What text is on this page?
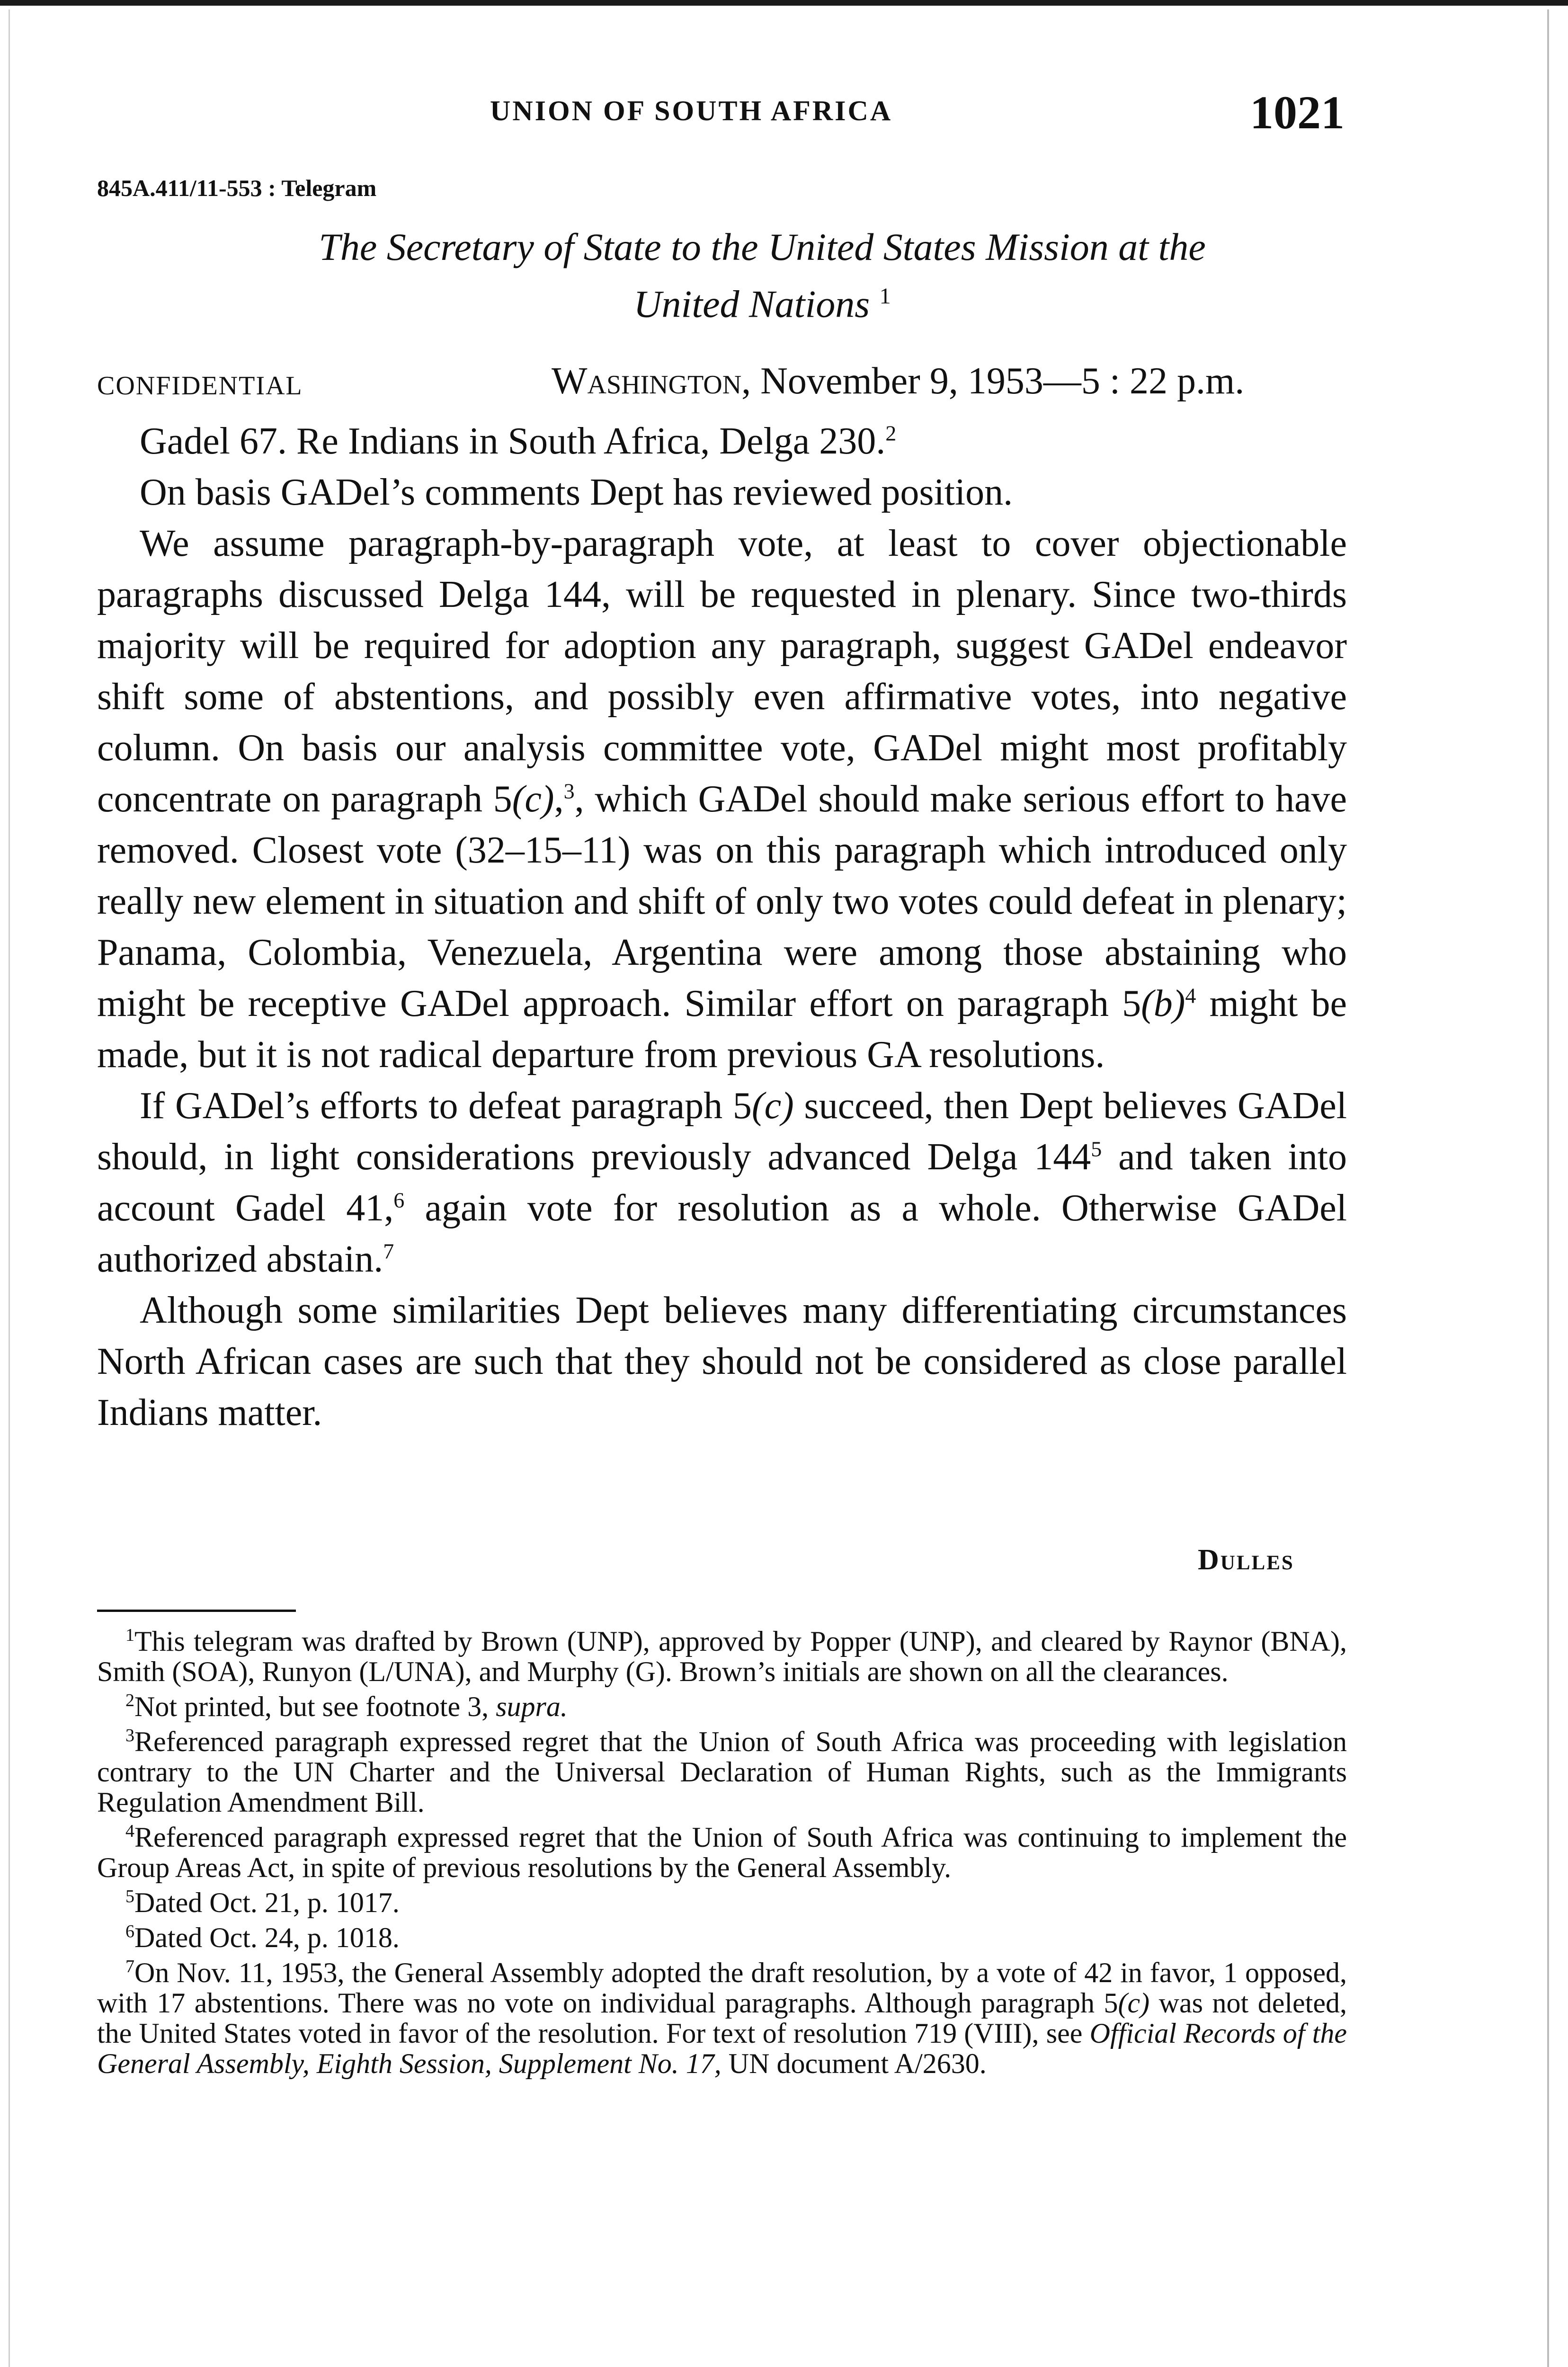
UNION OF SOUTH AFRICA	1021
845A.411/11-553 : Telegram
The Secretary of State to the United States Mission at the
United Nations $^1$
CONFIDENTIAL	Washington, November 9, 1953—5 : 22 p.m.

Gadel 67. Re Indians in South Africa, Delga 230.$^2$

On basis GADel’s comments Dept has reviewed position.

We assume paragraph-by-paragraph vote, at least to cover objectionable paragraphs discussed Delga 144, will be requested in plenary. Since two-thirds majority will be required for adoption any paragraph, suggest GADel endeavor shift some of abstentions, and possibly even affirmative votes, into negative column. On basis our analysis committee vote, GADel might most profitably concentrate on paragraph 5(c),$^3$, which GADel should make serious effort to have removed. Closest vote (32–15–11) was on this paragraph which introduced only really new element in situation and shift of only two votes could defeat in plenary; Panama, Colombia, Venezuela, Argentina were among those abstaining who might be receptive GADel approach. Similar effort on paragraph $5(b)^4$ might be made, but it is not radical departure from previous GA resolutions.

If GADel’s efforts to defeat paragraph 5(c) succeed, then Dept believes GADel should, in light considerations previously advanced Delga $144^5$ and taken into account Gadel 41,$^6$ again vote for resolution as a whole. Otherwise GADel authorized abstain.$^7$

Although some similarities Dept believes many differentiating circumstances North African cases are such that they should not be considered as close parallel Indians matter.

Dulles

$^1$This telegram was drafted by Brown (UNP), approved by Popper (UNP), and cleared by Raynor (BNA), Smith (SOA), Runyon (L/UNA), and Murphy (G). Brown’s initials are shown on all the clearances.

$^2$Not printed, but see footnote 3, supra.

$^3$Referenced paragraph expressed regret that the Union of South Africa was proceeding with legislation contrary to the UN Charter and the Universal Declaration of Human Rights, such as the Immigrants Regulation Amendment Bill.

$^4$Referenced paragraph expressed regret that the Union of South Africa was continuing to implement the Group Areas Act, in spite of previous resolutions by the General Assembly.

$^5$Dated Oct. 21, p. 1017.

$^6$Dated Oct. 24, p. 1018.

$^7$On Nov. 11, 1953, the General Assembly adopted the draft resolution, by a vote of 42 in favor, 1 opposed, with 17 abstentions. There was no vote on individual paragraphs. Although paragraph 5(c) was not deleted, the United States voted in favor of the resolution. For text of resolution 719 (VIII), see Official Records of the General Assembly, Eighth Session, Supplement No. 17, UN document A/2630.
